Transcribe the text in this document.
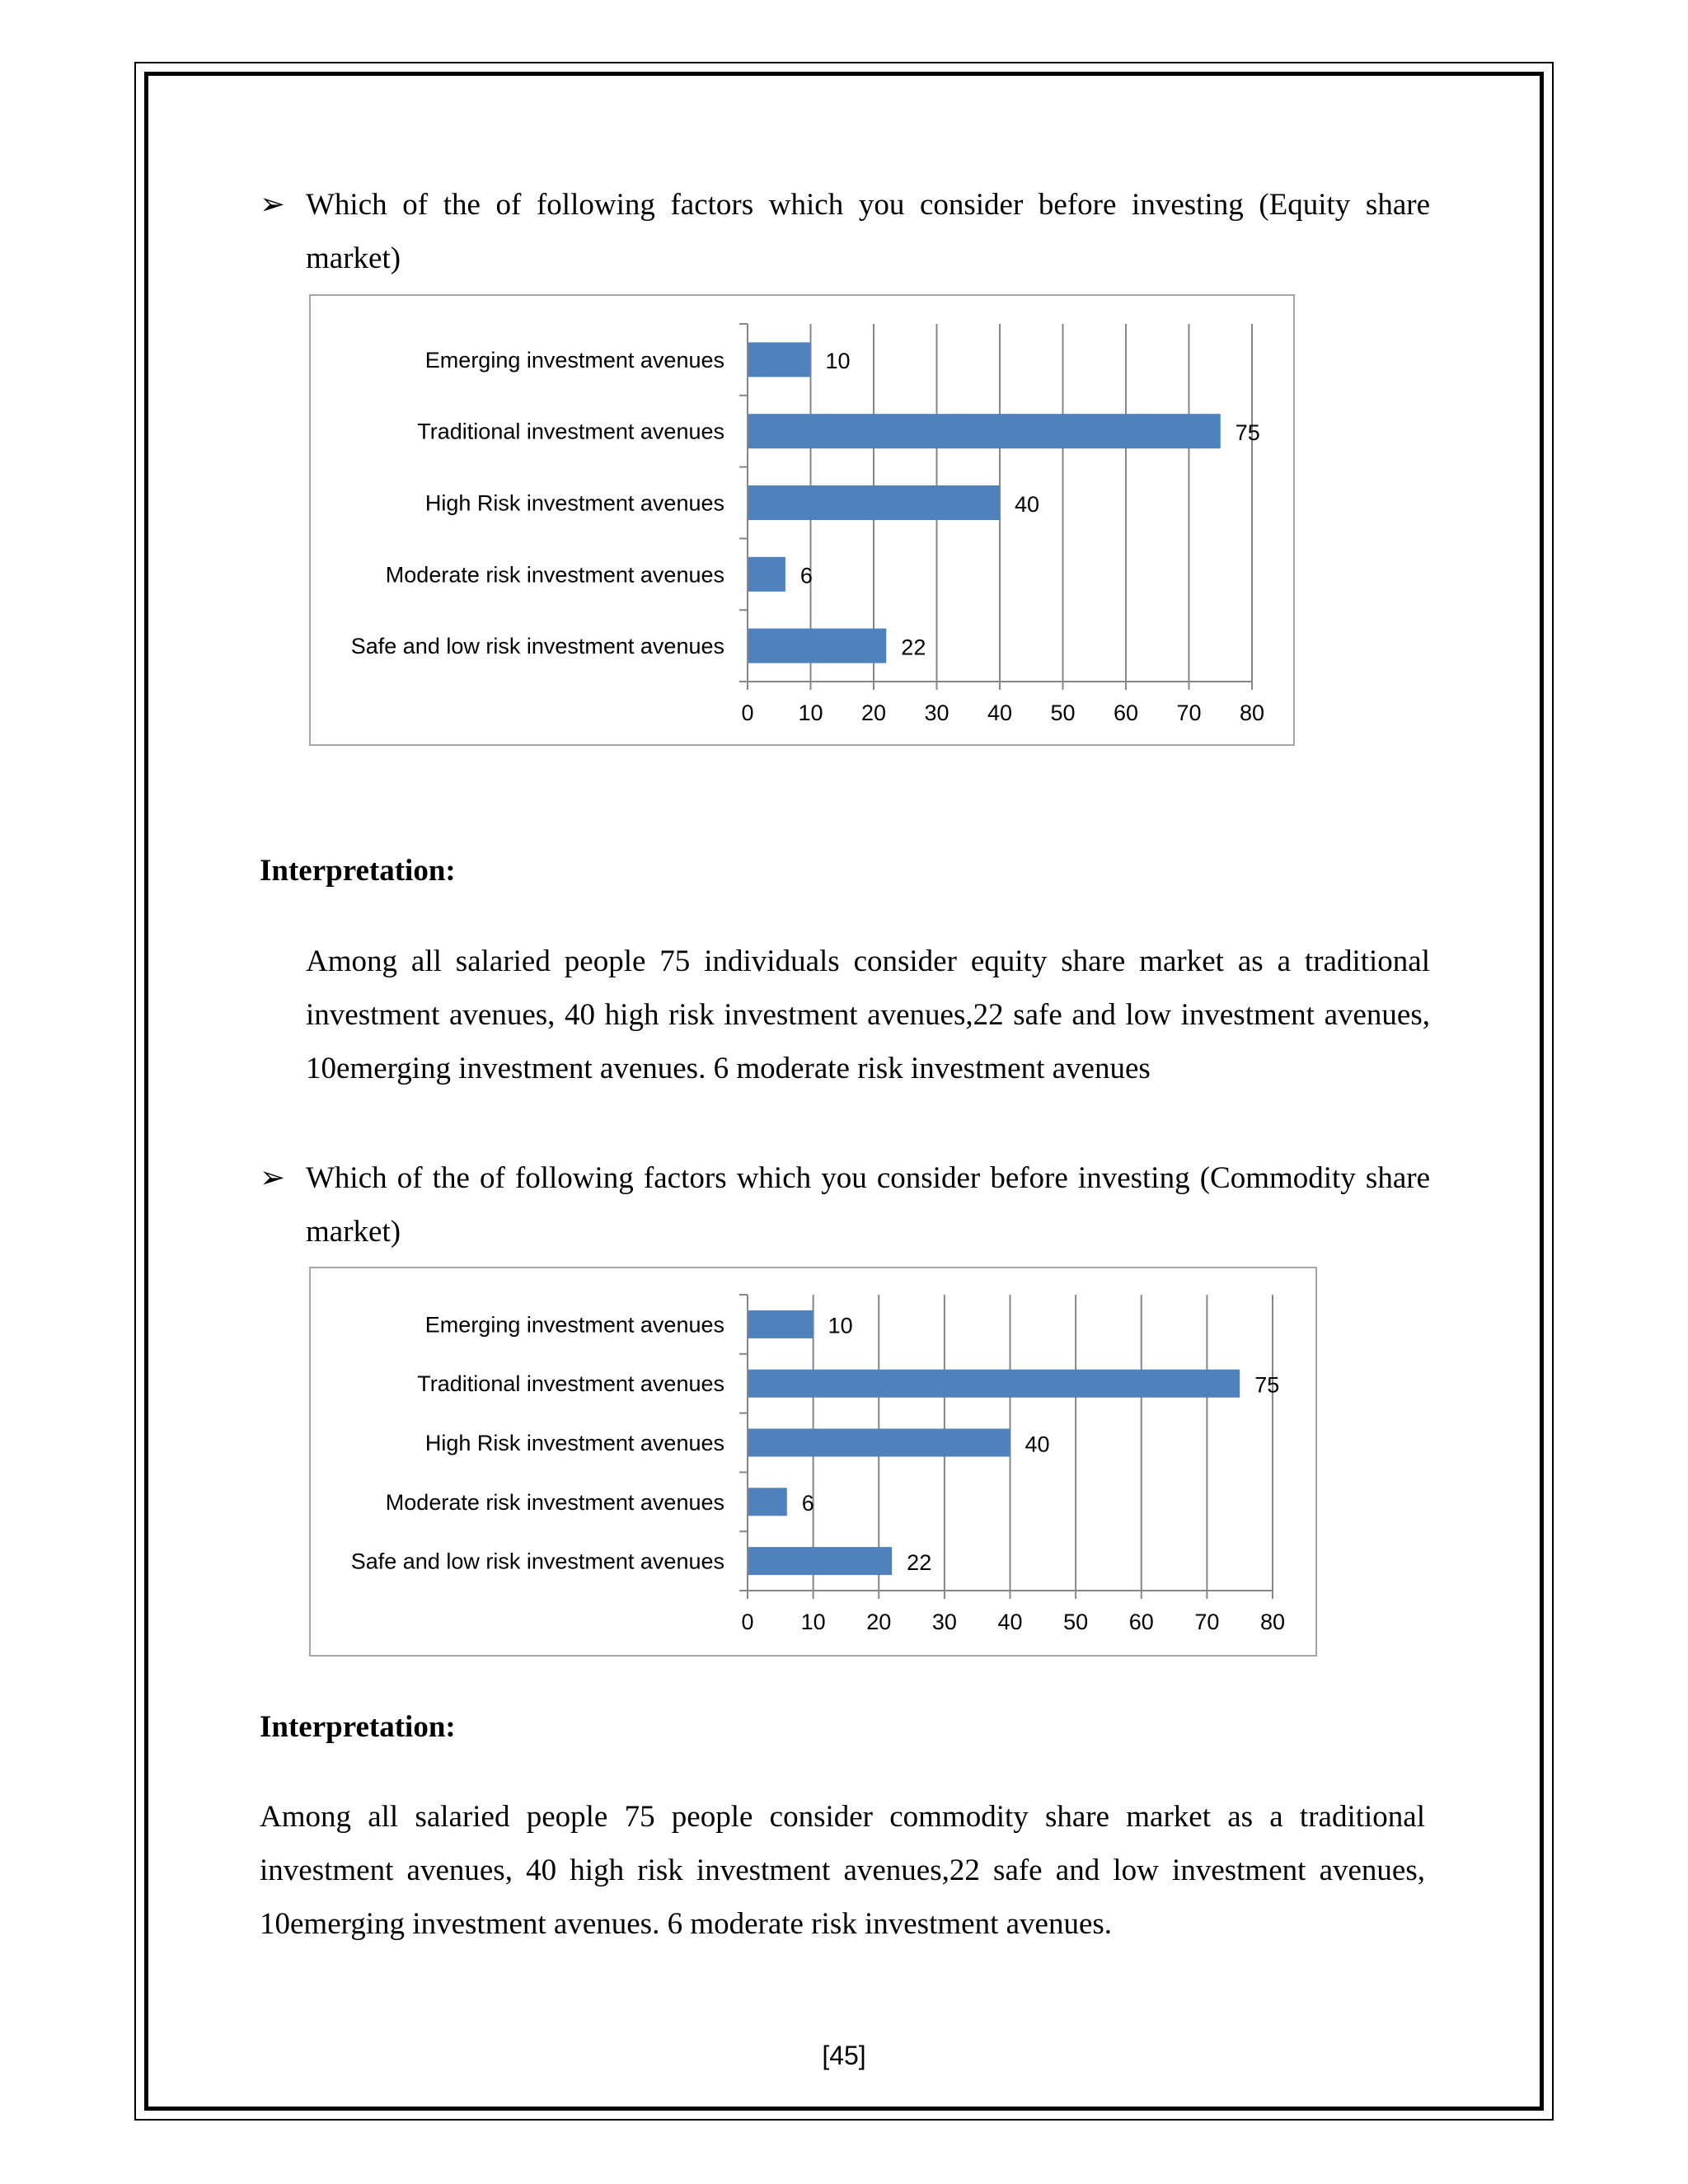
➢ Which of the of following factors which you consider before investing (Equity share market)
0 10 20 30 40 50 60 70 80
Emerging investment avenues	10
Traditional investment avenues	75
High Risk investment avenues	40
Moderate risk investment avenues	6
Safe and low risk investment avenues	22
Interpretation:
Among all salaried people 75 individuals consider equity share market as a traditional investment avenues, 40 high risk investment avenues,22 safe and low investment avenues, 10emerging investment avenues. 6 moderate risk investment avenues
➢ Which of the of following factors which you consider before investing (Commodity share market)
0 10 20 30 40 50 60 70 80
Emerging investment avenues	10
Traditional investment avenues	75
High Risk investment avenues	40
Moderate risk investment avenues	6
Safe and low risk investment avenues	22
Interpretation:
Among all salaried people 75 people consider commodity share market as a traditional investment avenues, 40 high risk investment avenues,22 safe and low investment avenues, 10emerging investment avenues. 6 moderate risk investment avenues.
[45]
